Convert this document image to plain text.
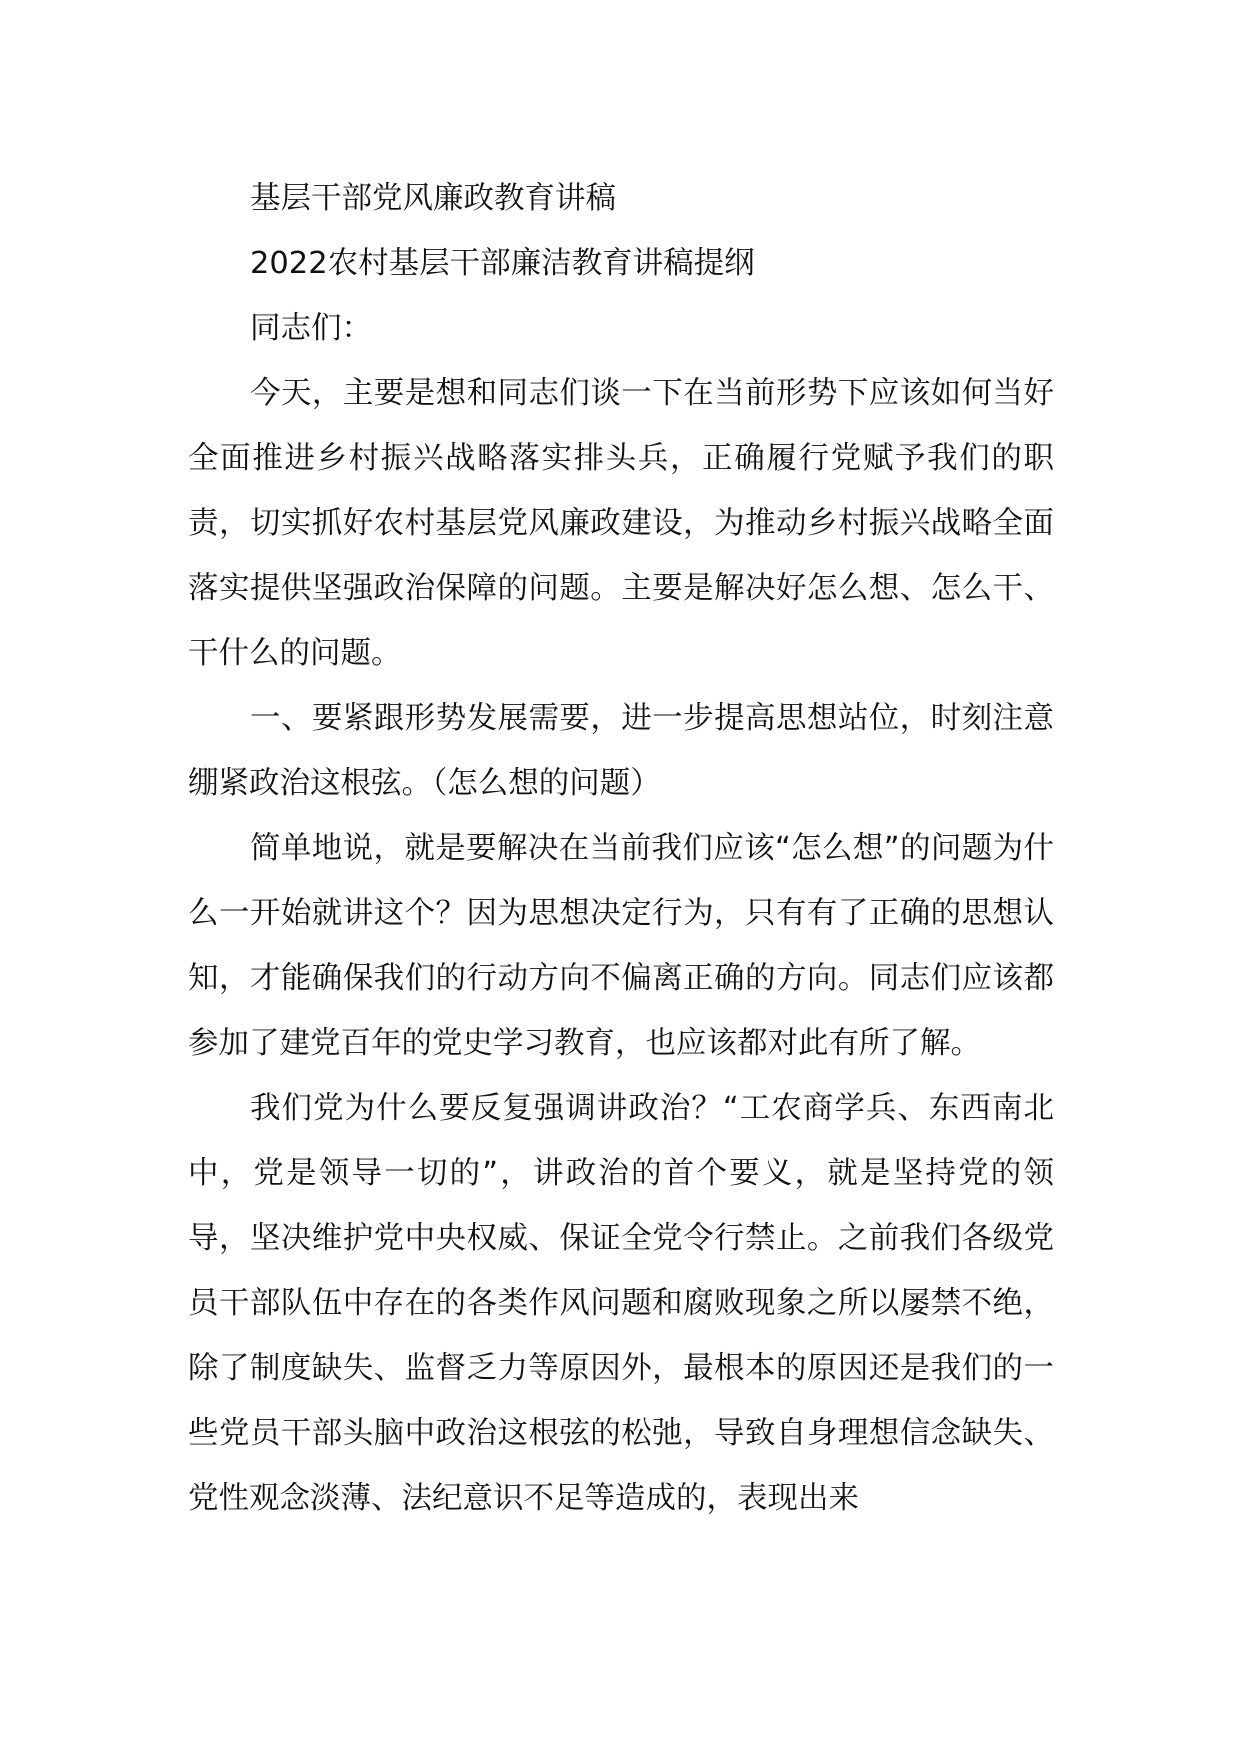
基层干部党风廉政教育讲稿

2022农村基层干部廉洁教育讲稿提纲

同志们：

今天，主要是想和同志们谈一下在当前形势下应该如何当好全面推进乡村振兴战略落实排头兵，正确履行党赋予我们的职责，切实抓好农村基层党风廉政建设，为推动乡村振兴战略全面落实提供坚强政治保障的问题。主要是解决好怎么想、怎么干、干什么的问题。

一、要紧跟形势发展需要，进一步提高思想站位，时刻注意绷紧政治这根弦。（怎么想的问题）

简单地说，就是要解决在当前我们应该“怎么想”的问题为什么一开始就讲这个？因为思想决定行为，只有有了正确的思想认知，才能确保我们的行动方向不偏离正确的方向。同志们应该都参加了建党百年的党史学习教育，也应该都对此有所了解。

我们党为什么要反复强调讲政治？“工农商学兵、东西南北中，党是领导一切的”，讲政治的首个要义，就是坚持党的领导，坚决维护党中央权威、保证全党令行禁止。之前我们各级党员干部队伍中存在的各类作风问题和腐败现象之所以屡禁不绝，除了制度缺失、监督乏力等原因外，最根本的原因还是我们的一些党员干部头脑中政治这根弦的松弛，导致自身理想信念缺失、党性观念淡薄、法纪意识不足等造成的，表现出来
